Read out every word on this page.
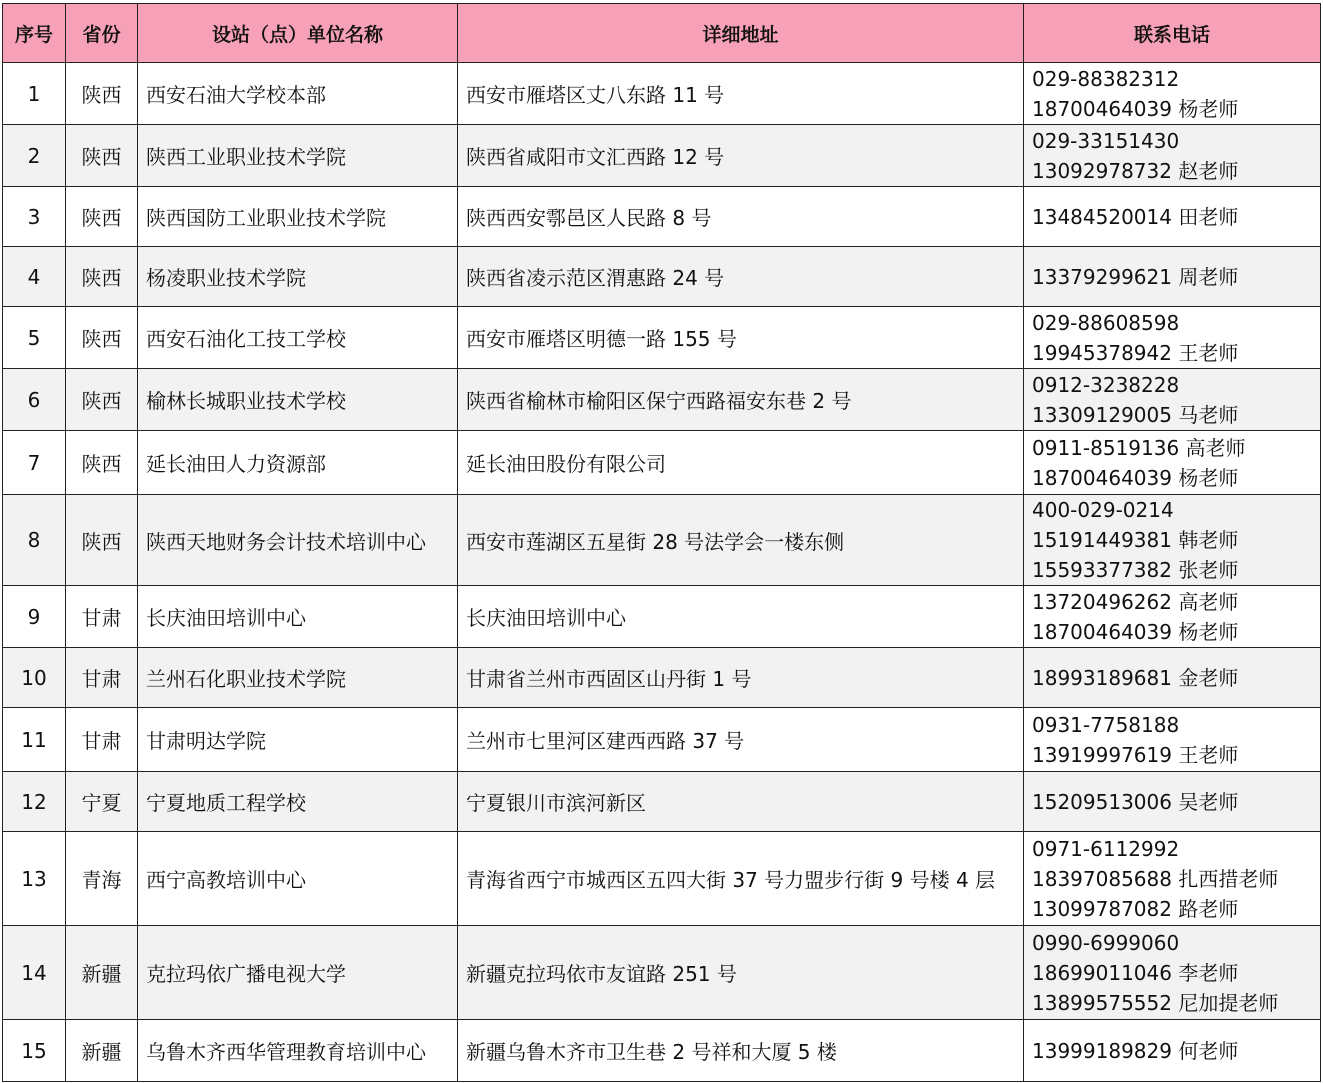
序号	省份	设站（点）单位名称	详细地址	联系电话
1	陕西	西安石油大学校本部	西安市雁塔区丈八东路 11 号	029-88382312
18700464039 杨老师

2	陕西	陕西工业职业技术学院	陕西省咸阳市文汇西路 12 号	029-33151430
13092978732 赵老师

3	陕西	陕西国防工业职业技术学院	陕西西安鄠邑区人民路 8 号	13484520014 田老师

4	陕西	杨凌职业技术学院	陕西省凌示范区渭惠路 24 号	13379299621 周老师

5	陕西	西安石油化工技工学校	西安市雁塔区明德一路 155 号	029-88608598
19945378942 王老师

6	陕西	榆林长城职业技术学校	陕西省榆林市榆阳区保宁西路福安东巷 2 号	0912-3238228
13309129005 马老师

7	陕西	延长油田人力资源部	延长油田股份有限公司	0911-8519136 高老师
18700464039 杨老师

8	陕西	陕西天地财务会计技术培训中心	西安市莲湖区五星街 28 号法学会一楼东侧	400-029-0214
15191449381 韩老师
15593377382 张老师

9	甘肃	长庆油田培训中心	长庆油田培训中心	13720496262 高老师
18700464039 杨老师

10	甘肃	兰州石化职业技术学院	甘肃省兰州市西固区山丹街 1 号	18993189681 金老师

11	甘肃	甘肃明达学院	兰州市七里河区建西西路 37 号	0931-7758188
13919997619 王老师

12	宁夏	宁夏地质工程学校	宁夏银川市滨河新区	15209513006 吴老师

13	青海	西宁高教培训中心	青海省西宁市城西区五四大街 37 号力盟步行街 9 号楼 4 层	0971-6112992
18397085688 扎西措老师
13099787082 路老师

14	新疆	克拉玛依广播电视大学	新疆克拉玛依市友谊路 251 号	0990-6999060
18699011046 李老师
13899575552 尼加提老师

15	新疆	乌鲁木齐西华管理教育培训中心	新疆乌鲁木齐市卫生巷 2 号祥和大厦 5 楼	13999189829 何老师
